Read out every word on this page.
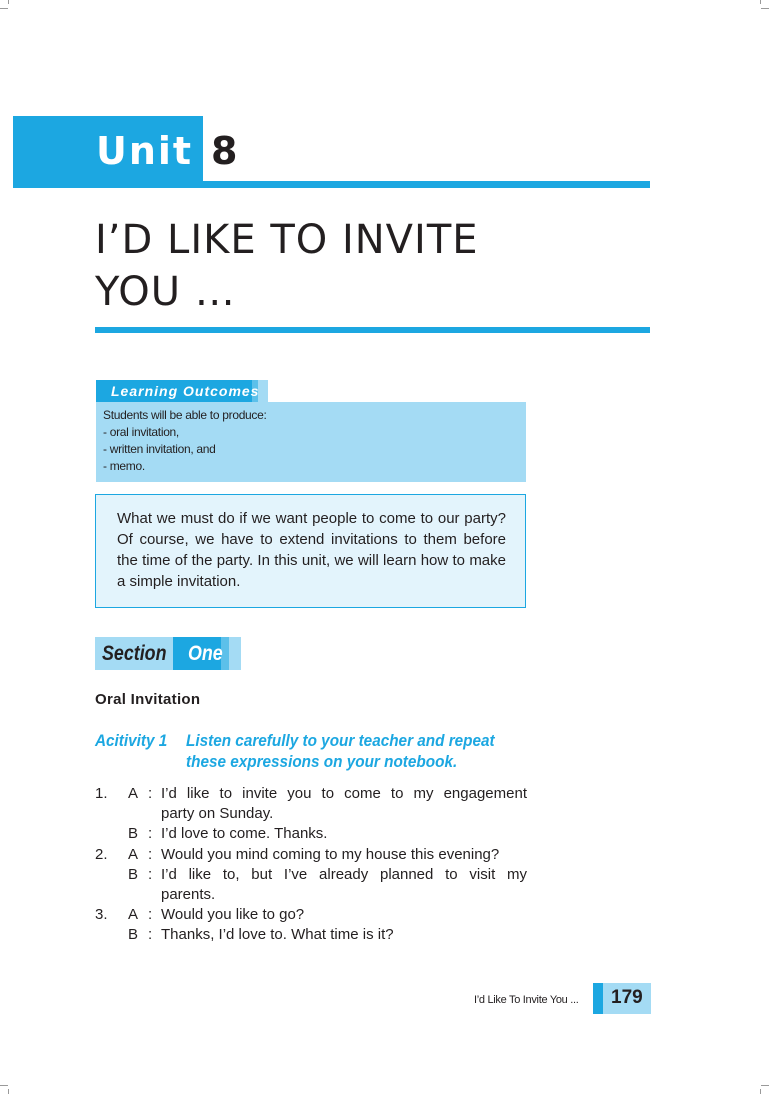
Unit 8
I’D LIKE TO INVITE
YOU …
Learning Outcomes
Students will be able to produce:
- oral invitation,
- written invitation, and
- memo.

What we must do if we want people to come to our party? Of course, we have to extend invitations to them before the time of the party. In this unit, we will learn how to make a simple invitation.

Section One
Oral Invitation
Acitivity 1 Listen carefully to your teacher and repeat
these expressions on your notebook.
1. A : I’d like to invite you to come to my engagement
party on Sunday.
B : I’d love to come. Thanks.
2. A : Would you mind coming to my house this evening?
B : I’d like to, but I’ve already planned to visit my
parents.
3. A : Would you like to go?
B : Thanks, I’d love to. What time is it?
I’d Like To Invite You ... 179
